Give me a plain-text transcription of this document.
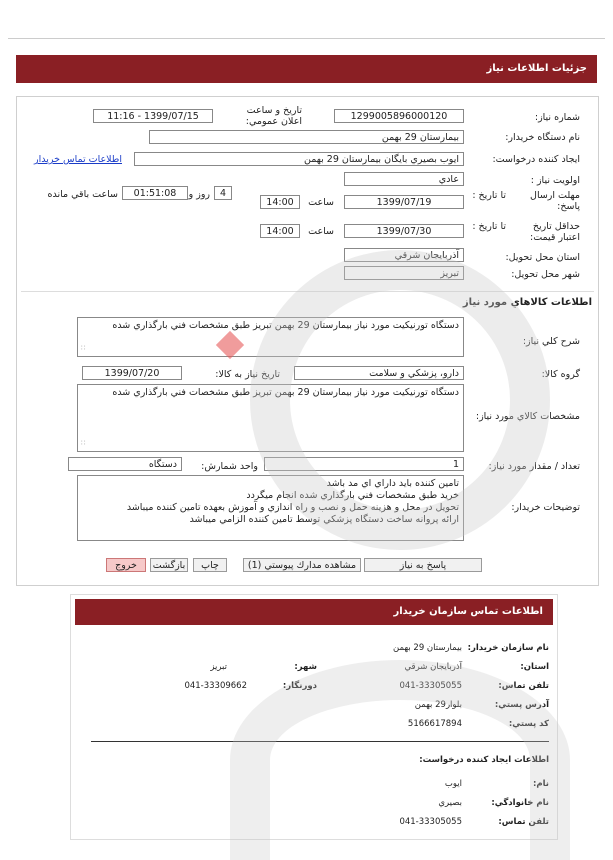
جزئيات اطلاعات نياز
شماره نياز:
1299005896000120
تاريخ و ساعت اعلان عمومي:
1399/07/15 - 11:16
نام دستگاه خريدار:
بيمارستان 29 بهمن
ايجاد كننده درخواست:
ايوب بصيري بايگان بيمارستان 29 بهمن
اطلاعات تماس خريدار
اولويت نياز :
عادي
مهلت ارسال پاسخ:
تا تاريخ :
1399/07/19
ساعت
14:00
4
روز و
01:51:08
ساعت باقي مانده
حداقل تاريخ اعتبار قيمت:
تا تاريخ :
1399/07/30
ساعت
14:00
استان محل تحويل:
آذربايجان شرقي
شهر محل تحويل:
تبريز
اطلاعات كالاهاي مورد نياز
شرح كلي نياز:
دستگاه تورنيكيت مورد نياز بيمارستان 29 بهمن تبريز طبق مشخصات فني بارگذاري شده
∷
گروه كالا:
دارو، پزشكي و سلامت
تاريخ نياز به كالا:
1399/07/20
مشخصات كالاي مورد نياز:
دستگاه تورنيكيت مورد نياز بيمارستان 29 بهمن تبريز طبق مشخصات فني بارگذاري شده
∷
تعداد / مقدار مورد نياز:
1
واحد شمارش:
دستگاه
توضيحات خريدار:
تامين كننده بايد داراي اي مد باشد
خريد طبق مشخصات فني بارگذاري شده انجام ميگردد
تحويل در محل و هزينه حمل و نصب و راه اندازي و آموزش بعهده تامين كننده ميباشد
ارائه پروانه ساخت دستگاه پزشكي توسط تامين كننده الزامي ميباشد
پاسخ به نياز
مشاهده مدارك پيوستي (1)
چاپ
بازگشت
خروج
اطلاعات تماس سازمان خريدار
نام سازمان خريدار:
بيمارستان 29 بهمن
استان:
آذربايجان شرقي
شهر:
تبريز
تلفن تماس:
041-33305055
دورنگار:
041-33309662
آدرس پستي:
بلوار29 بهمن
كد پستي:
5166617894
اطلاعات ايجاد كننده درخواست:
نام:
ايوب
نام خانوادگي:
بصيري
تلفن تماس:
041-33305055
